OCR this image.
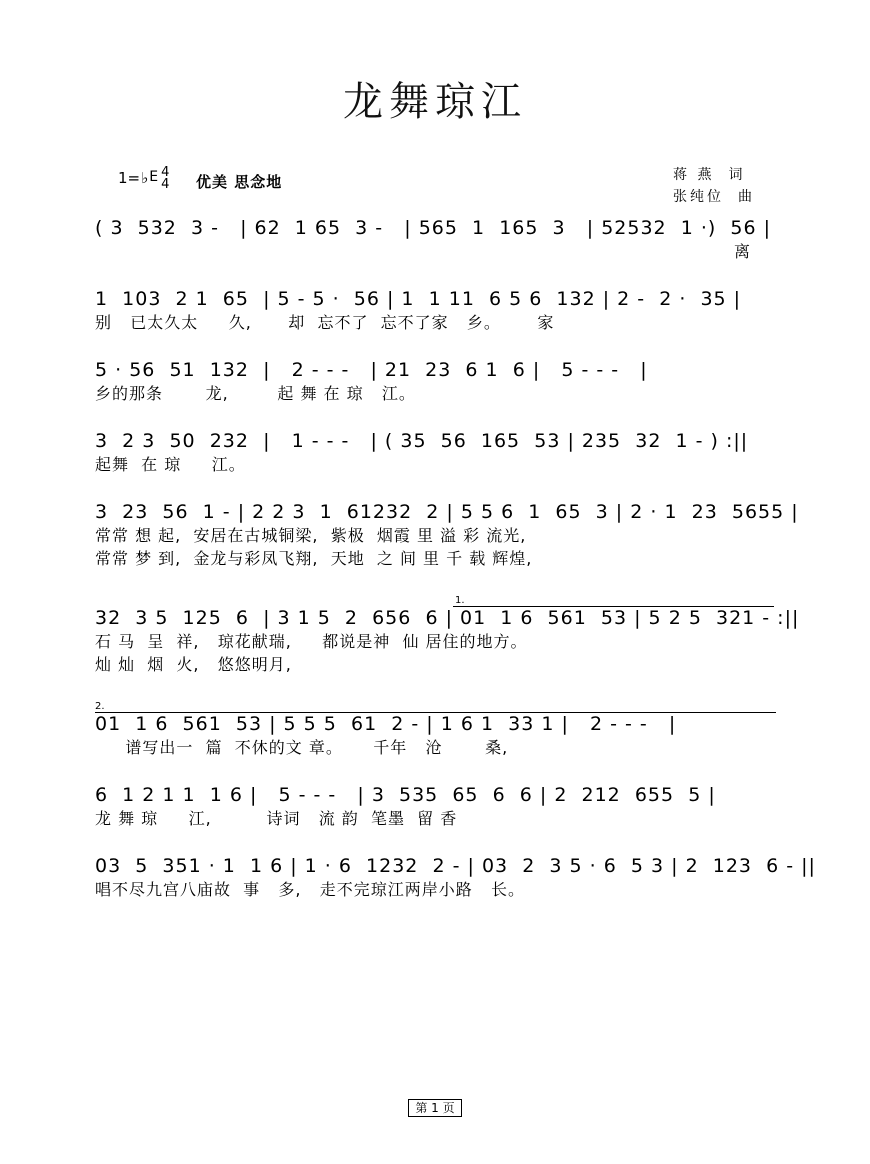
龙舞琼江
1= ♭ E 4
4 优美 思念地	蒋 燕 词
张纯位 曲
( 3  532  3 -   | 62  1 65  3 -   | 565  1  165  3   | 52532  1 ·)  56 |
离
1  103  2 1  65  | 5 - 5 ·  56 | 1  1 11  6 5 6  132 | 2 -  2 ·  35 |
别   已太久太     久,      却  忘不了  忘不了家   乡。      家
5 · 56  51  132  |   2 - - -   | 21  23  6 1  6 |   5 - - -   |
乡的那条       龙,        起 舞 在 琼   江。
3  2 3  50  232  |   1 - - -   | ( 35  56  165  53 | 235  32  1 - ) :||
起舞  在 琼     江。
3  23  56  1 - | 2 2 3  1  61232  2 | 5 5 6  1  65  3 | 2 · 1  23  5655 |
常常 想 起,  安居在古城铜梁,  紫极  烟霞 里 溢 彩 流光,
常常 梦 到,  金龙与彩凤飞翔,  天地  之 间 里 千 载 辉煌,
1.
32  3 5  125  6  | 3 1 5  2  656  6 | 01  1 6  561  53 | 5 2 5  321 - :||
石 马  呈  祥,   琼花献瑞,     都说是神  仙 居住的地方。
灿 灿  烟  火,   悠悠明月,
2.
01  1 6  561  53 | 5 5 5  61  2 - | 1 6 1  33 1 |   2 - - -   |
谱写出一  篇  不休的文 章。     千年   沧       桑,
6  1 2 1 1  1 6 |   5 - - -   | 3  535  65  6  6 | 2  212  655  5 |
龙 舞 琼     江,         诗词   流 韵  笔墨  留 香
03  5  351 · 1  1 6 | 1 · 6  1232  2 - | 03  2  3 5 · 6  5 3 | 2  123  6 - ||
唱不尽九宫八庙故  事   多,   走不完琼江两岸小路   长。
第 1 页
